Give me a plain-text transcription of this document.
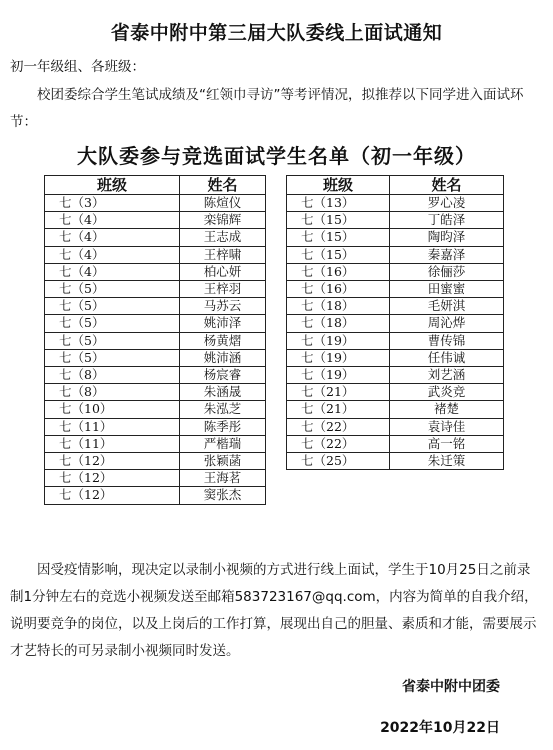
省泰中附中第三届大队委线上面试通知
初一年级组、各班级：
校团委综合学生笔试成绩及“红领巾寻访”等考评情况，拟推荐以下同学进入面试环节：
大队委参与竞选面试学生名单（初一年级）
班级	姓名
七（3）	陈煊仪
七（4）	栾锦辉
七（4）	王志成
七（4）	王梓啸
七（4）	柏心妍
七（5）	王梓羽
七（5）	马苏云
七（5）	姚沛泽
七（5）	杨黄熠
七（5）	姚沛涵
七（8）	杨宸睿
七（8）	朱涵晟
七（10）	朱泓芝
七（11）	陈季彤
七（11）	严楷瑞
七（12）	张颖菡
七（12）	王海茗
七（12）	窦张杰
班级	姓名
七（13）	罗心凌
七（15）	丁皓泽
七（15）	陶昀泽
七（15）	秦嘉泽
七（16）	徐俪莎
七（16）	田蜜蜜
七（18）	毛妍淇
七（18）	周沁烨
七（19）	曹传锦
七（19）	任伟诚
七（19）	刘艺涵
七（21）	武炎竞
七（21）	褚楚
七（22）	袁诗佳
七（22）	高一铭
七（25）	朱迁策
因受疫情影响，现决定以录制小视频的方式进行线上面试，学生于10月25日之前录制1分钟左右的竞选小视频发送至邮箱583723167@qq.com，内容为简单的自我介绍，说明要竞争的岗位，以及上岗后的工作打算，展现出自己的胆量、素质和才能，需要展示才艺特长的可另录制小视频同时发送。
省泰中附中团委
2022年10月22日
